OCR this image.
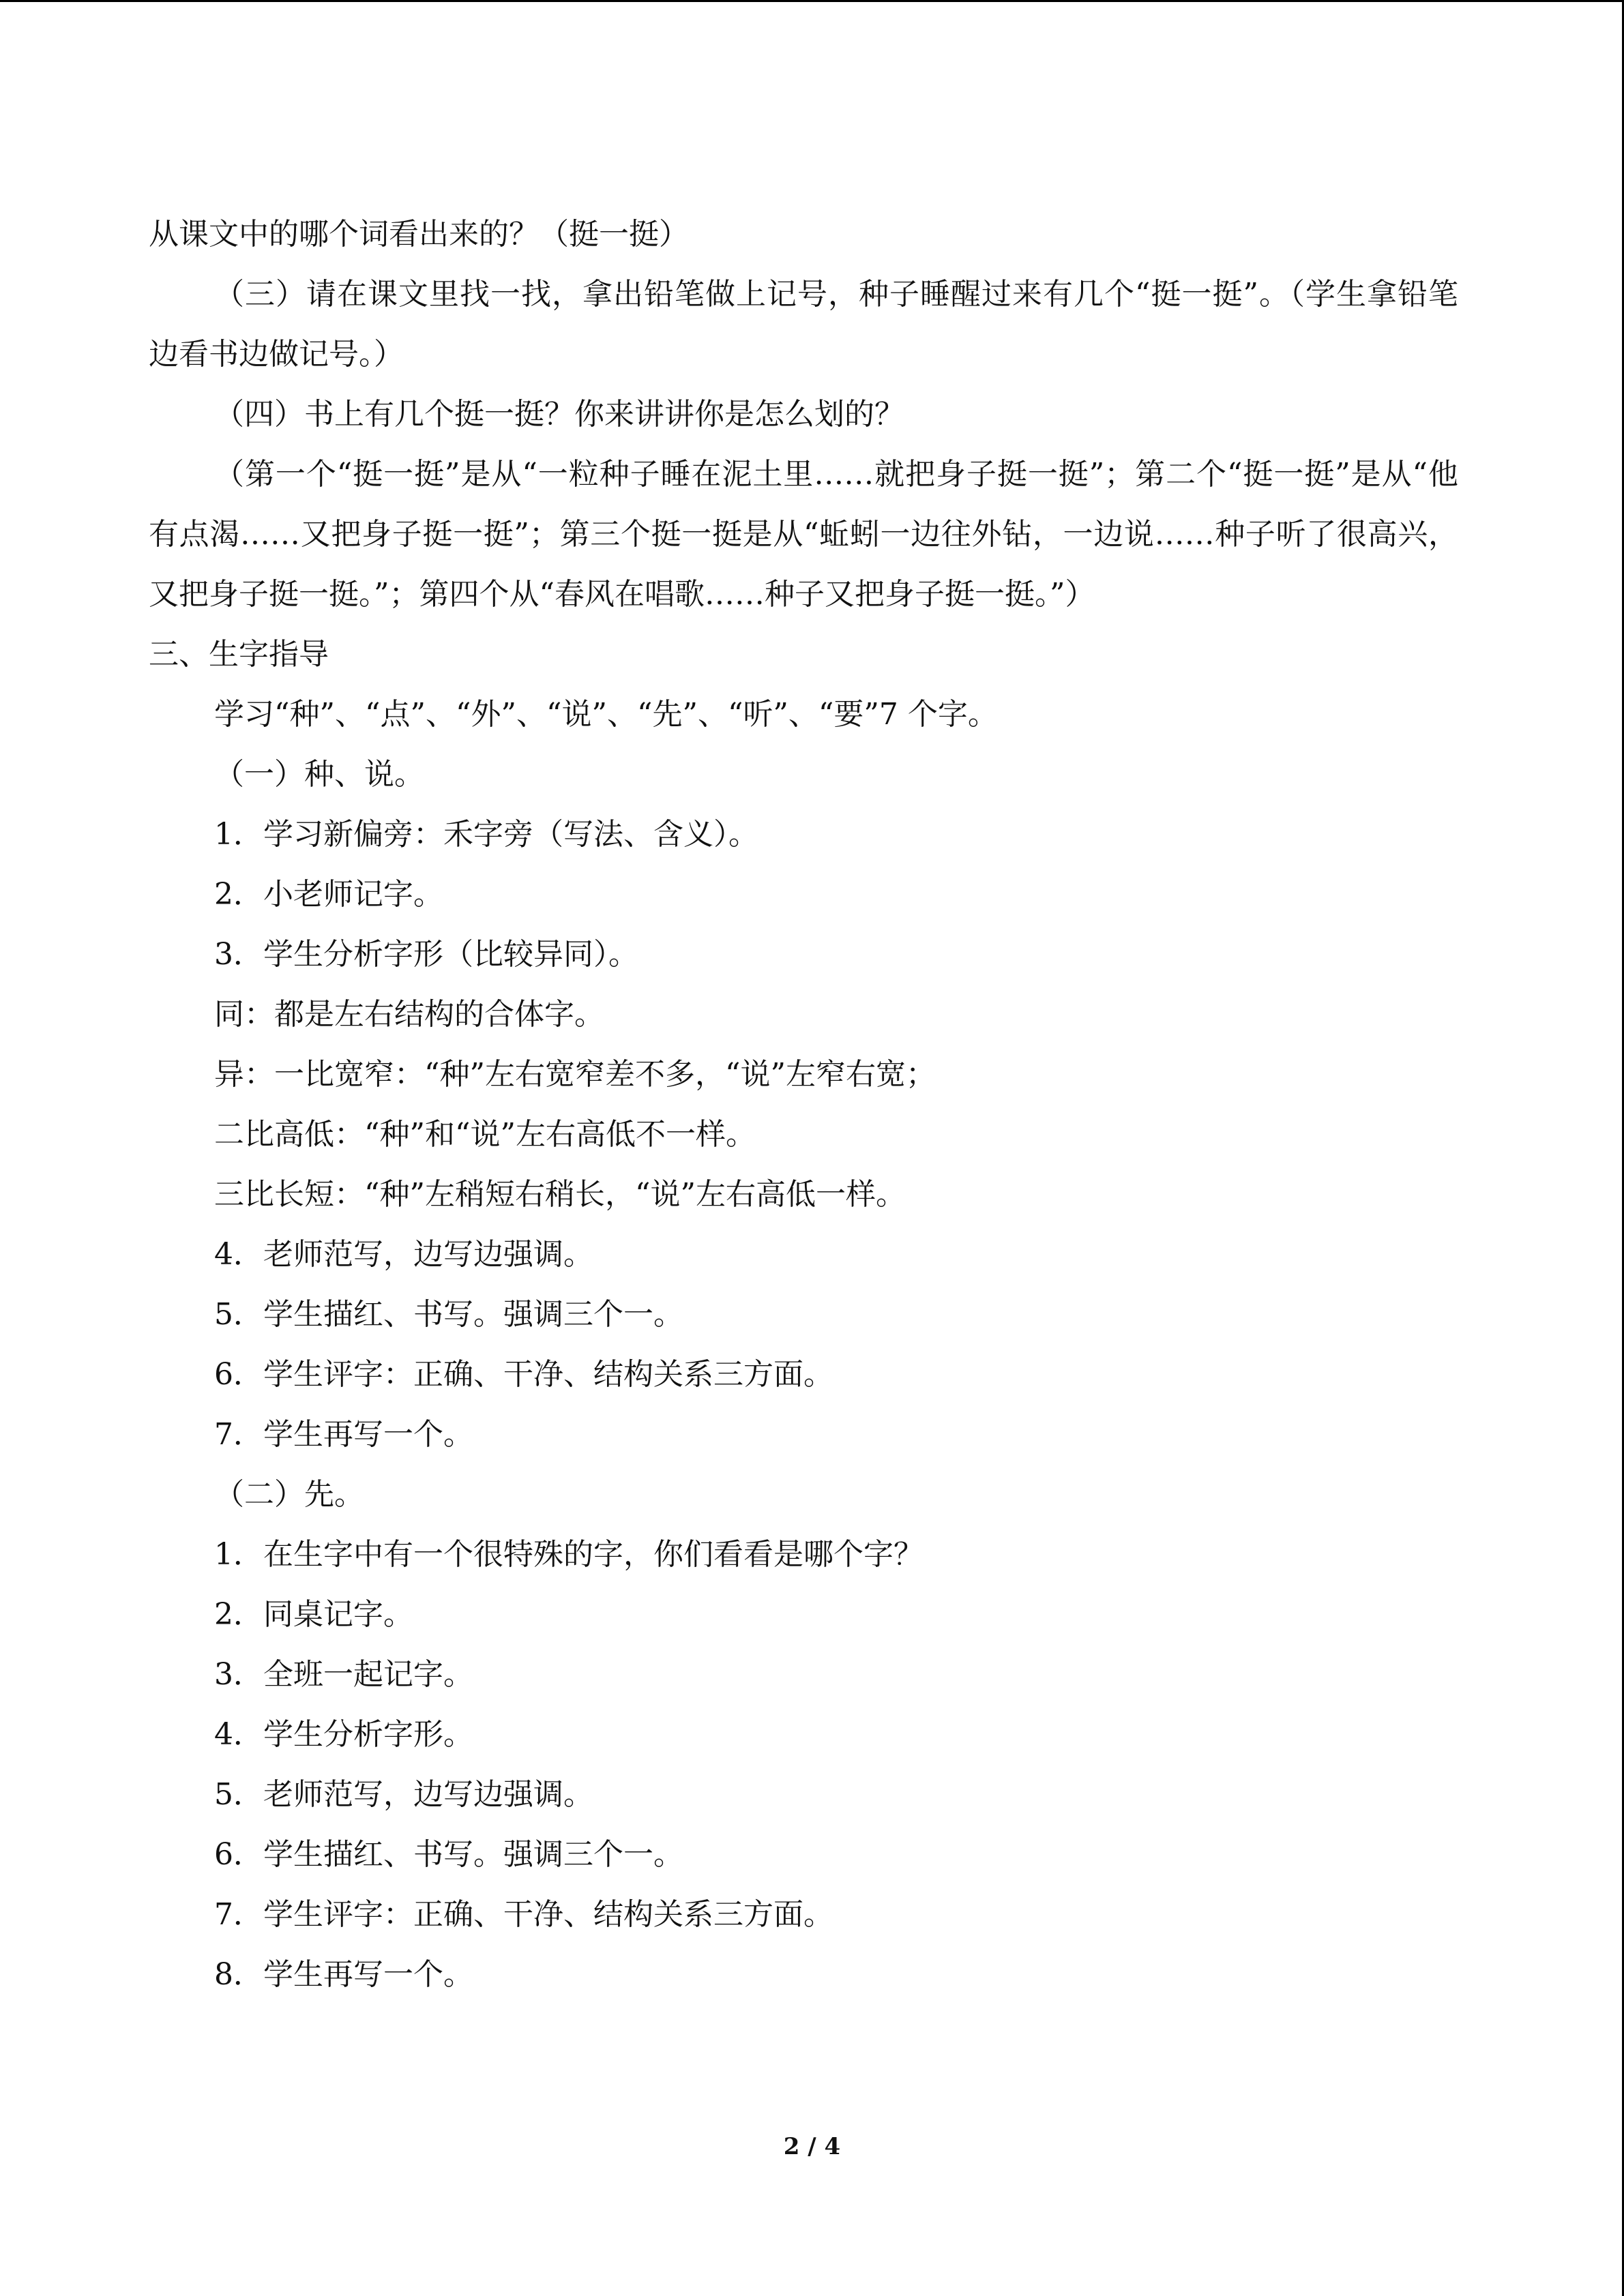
从课文中的哪个词看出来的？（挺一挺）

（三）请在课文里找一找，拿出铅笔做上记号，种子睡醒过来有几个“挺一挺”。（学生拿铅笔边看书边做记号。）

（四）书上有几个挺一挺？你来讲讲你是怎么划的？

（第一个“挺一挺”是从“一粒种子睡在泥土里……就把身子挺一挺”；第二个“挺一挺”是从“他有点渴……又把身子挺一挺”；第三个挺一挺是从“蚯蚓一边往外钻，一边说……种子听了很高兴，又把身子挺一挺。”；第四个从“春风在唱歌……种子又把身子挺一挺。”）

三、生字指导
学习“种”、“点”、“外”、“说”、“先”、“听”、“要”7 个字。
（一）种、说。
1．学习新偏旁：禾字旁（写法、含义）。
2．小老师记字。
3．学生分析字形（比较异同）。
同：都是左右结构的合体字。
异：一比宽窄：“种”左右宽窄差不多，“说”左窄右宽；
二比高低：“种”和“说”左右高低不一样。
三比长短：“种”左稍短右稍长，“说”左右高低一样。
4．老师范写，边写边强调。
5．学生描红、书写。强调三个一。
6．学生评字：正确、干净、结构关系三方面。
7．学生再写一个。
（二）先。
1．在生字中有一个很特殊的字，你们看看是哪个字？
2．同桌记字。
3．全班一起记字。
4．学生分析字形。
5．老师范写，边写边强调。
6．学生描红、书写。强调三个一。
7．学生评字：正确、干净、结构关系三方面。
8．学生再写一个。
2 / 4
